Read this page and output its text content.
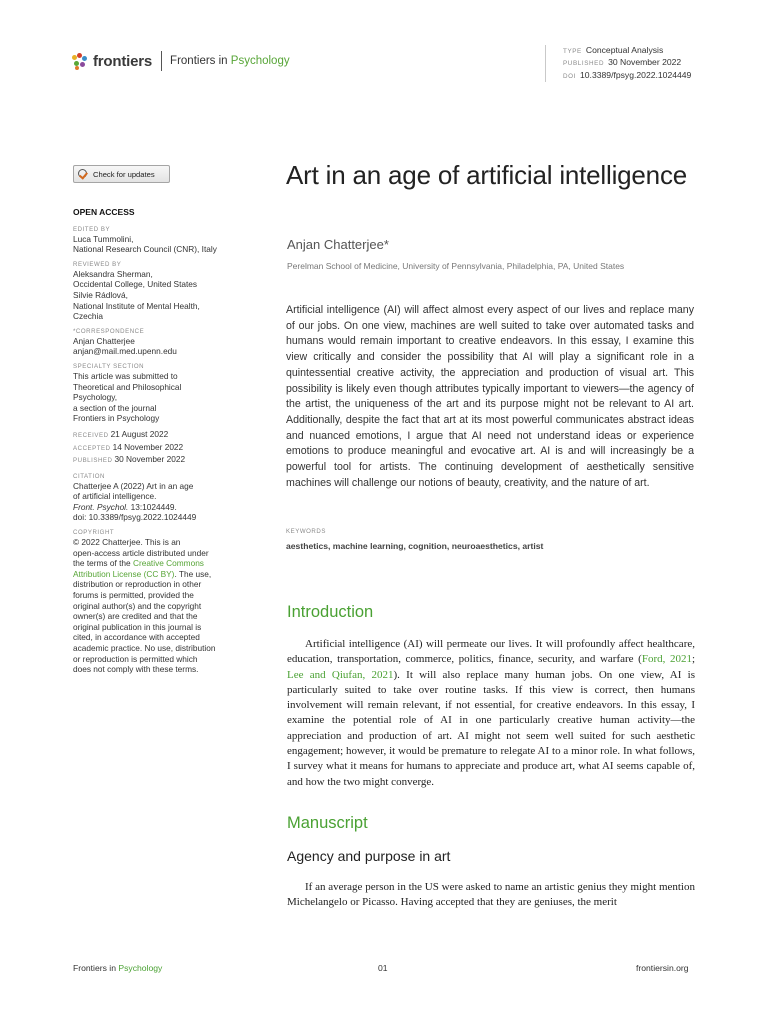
frontiers Frontiers in Psychology
TYPE Conceptual Analysis
PUBLISHED 30 November 2022
DOI 10.3389/fpsyg.2022.1024449
Check for updates
OPEN ACCESS
EDITED BY
Luca Tummolini,
National Research Council (CNR), Italy
REVIEWED BY
Aleksandra Sherman,
Occidental College, United States
Silvie Rádlová,
National Institute of Mental Health,
Czechia
*CORRESPONDENCE
Anjan Chatterjee
anjan@mail.med.upenn.edu
SPECIALTY SECTION
This article was submitted to
Theoretical and Philosophical
Psychology,
a section of the journal
Frontiers in Psychology
RECEIVED 21 August 2022
ACCEPTED 14 November 2022
PUBLISHED 30 November 2022
CITATION
Chatterjee A (2022) Art in an age
of artificial intelligence.
Front. Psychol. 13:1024449.
doi: 10.3389/fpsyg.2022.1024449
COPYRIGHT
© 2022 Chatterjee. This is an
open-access article distributed under
the terms of the Creative Commons
Attribution License (CC BY). The use,
distribution or reproduction in other
forums is permitted, provided the
original author(s) and the copyright
owner(s) are credited and that the
original publication in this journal is
cited, in accordance with accepted
academic practice. No use, distribution
or reproduction is permitted which
does not comply with these terms.
Art in an age of artificial intelligence
Anjan Chatterjee*
Perelman School of Medicine, University of Pennsylvania, Philadelphia, PA, United States
Artificial intelligence (AI) will affect almost every aspect of our lives and replace many of our jobs. On one view, machines are well suited to take over automated tasks and humans would remain important to creative endeavors. In this essay, I examine this view critically and consider the possibility that AI will play a significant role in a quintessential creative activity, the appreciation and production of visual art. This possibility is likely even though attributes typically important to viewers—the agency of the artist, the uniqueness of the art and its purpose might not be relevant to AI art. Additionally, despite the fact that art at its most powerful communicates abstract ideas and nuanced emotions, I argue that AI need not understand ideas or experience emotions to produce meaningful and evocative art. AI is and will increasingly be a powerful tool for artists. The continuing development of aesthetically sensitive machines will challenge our notions of beauty, creativity, and the nature of art.
KEYWORDS
aesthetics, machine learning, cognition, neuroaesthetics, artist
Introduction
Artificial intelligence (AI) will permeate our lives. It will profoundly affect healthcare, education, transportation, commerce, politics, finance, security, and warfare (Ford, 2021; Lee and Qiufan, 2021). It will also replace many human jobs. On one view, AI is particularly suited to take over routine tasks. If this view is correct, then humans involvement will remain relevant, if not essential, for creative endeavors. In this essay, I examine the potential role of AI in one particularly creative human activity—the appreciation and production of art. AI might not seem well suited for such aesthetic engagement; however, it would be premature to relegate AI to a minor role. In what follows, I survey what it means for humans to appreciate and produce art, what AI seems capable of, and how the two might converge.
Manuscript
Agency and purpose in art
If an average person in the US were asked to name an artistic genius they might mention Michelangelo or Picasso. Having accepted that they are geniuses, the merit
Frontiers in Psychology	01	frontiersin.org
